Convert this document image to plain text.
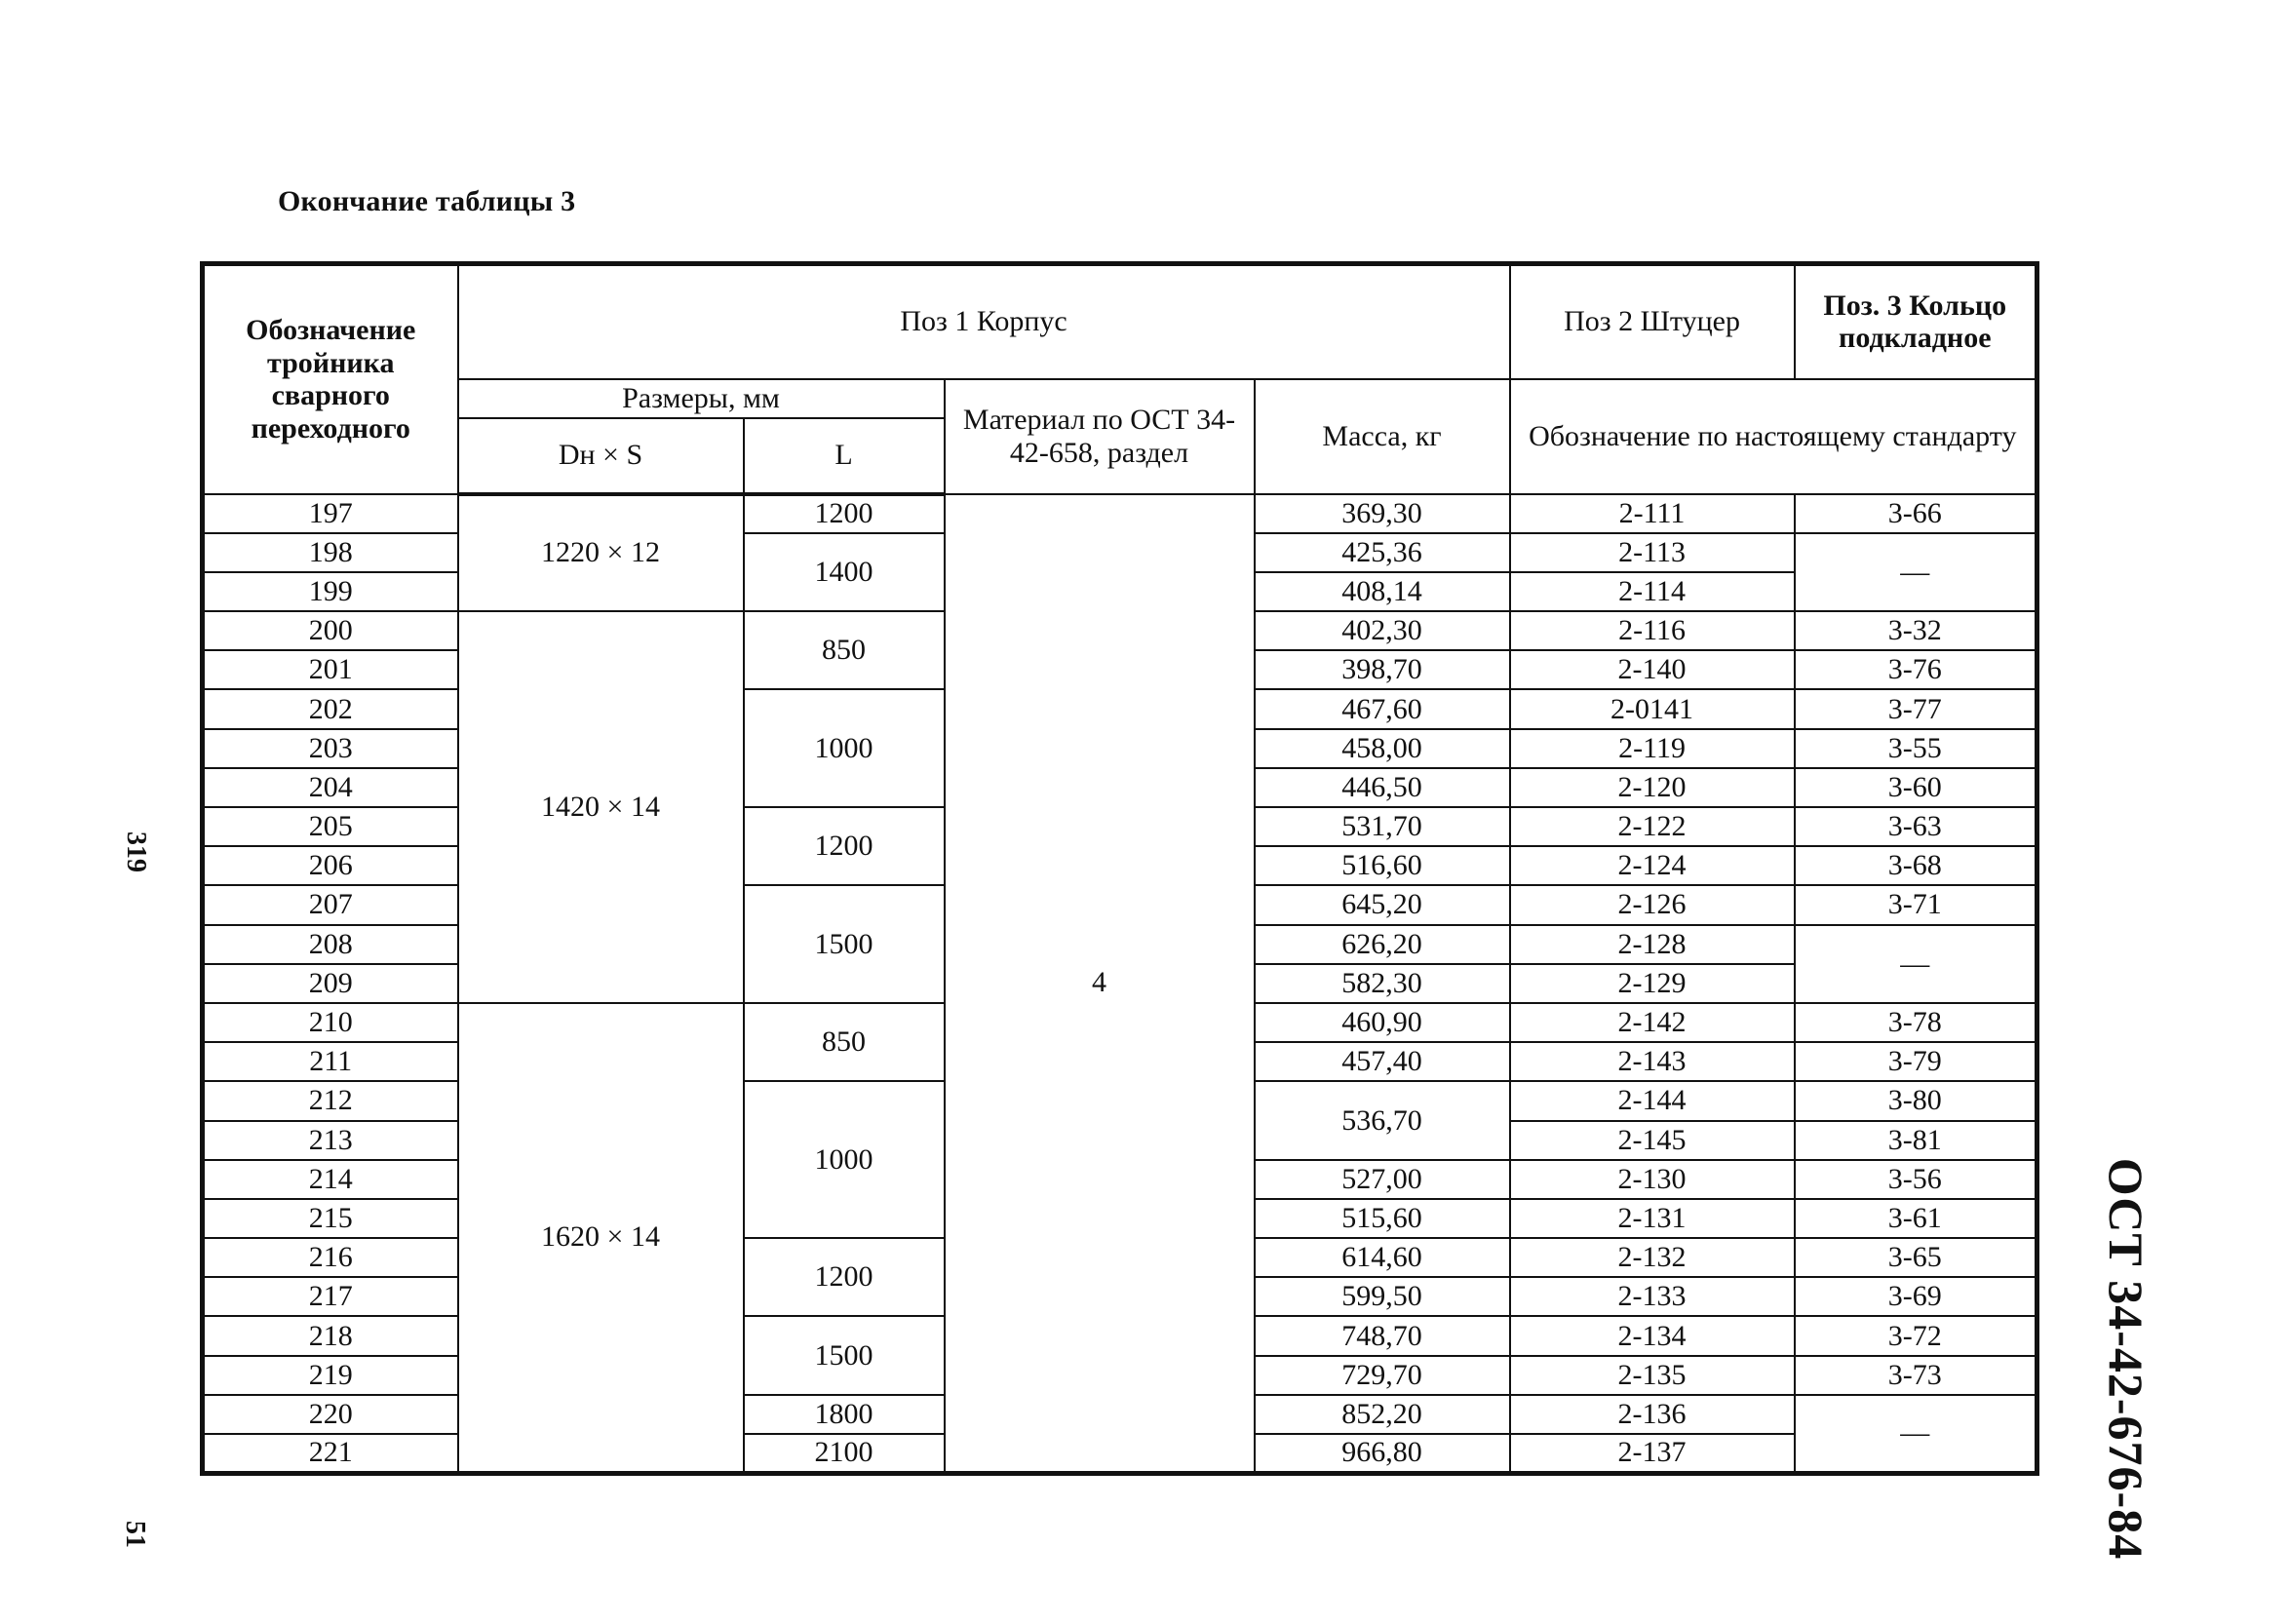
Окончание таблицы 3
Обозначение тройника сварного переходного	Поз 1 Корпус				Поз 2 Штуцер	Поз. 3 Кольцо подкладное
	Размеры, мм		Материал по ОСТ 34-42-658, раздел	Масса, кг	Обозначение по настоящему стандарту	
	Dн × S	L				
197	1220 × 12	1200	4	369,30	2-111	3-66
198		1400		425,36	2-113	—
199				408,14	2-114	
200	1420 × 14	850		402,30	2-116	3-32
201				398,70	2-140	3-76
202		1000		467,60	2-0141	3-77
203				458,00	2-119	3-55
204				446,50	2-120	3-60
205		1200		531,70	2-122	3-63
206				516,60	2-124	3-68
207		1500		645,20	2-126	3-71
208				626,20	2-128	—
209				582,30	2-129	
210	1620 × 14	850		460,90	2-142	3-78
211				457,40	2-143	3-79
212		1000		536,70	2-144	3-80
213					2-145	3-81
214				527,00	2-130	3-56
215				515,60	2-131	3-61
216		1200		614,60	2-132	3-65
217				599,50	2-133	3-69
218		1500		748,70	2-134	3-72
219				729,70	2-135	3-73
220		1800		852,20	2-136	—
221		2100		966,80	2-137	
319
51	ОСТ 34-42-676-84
